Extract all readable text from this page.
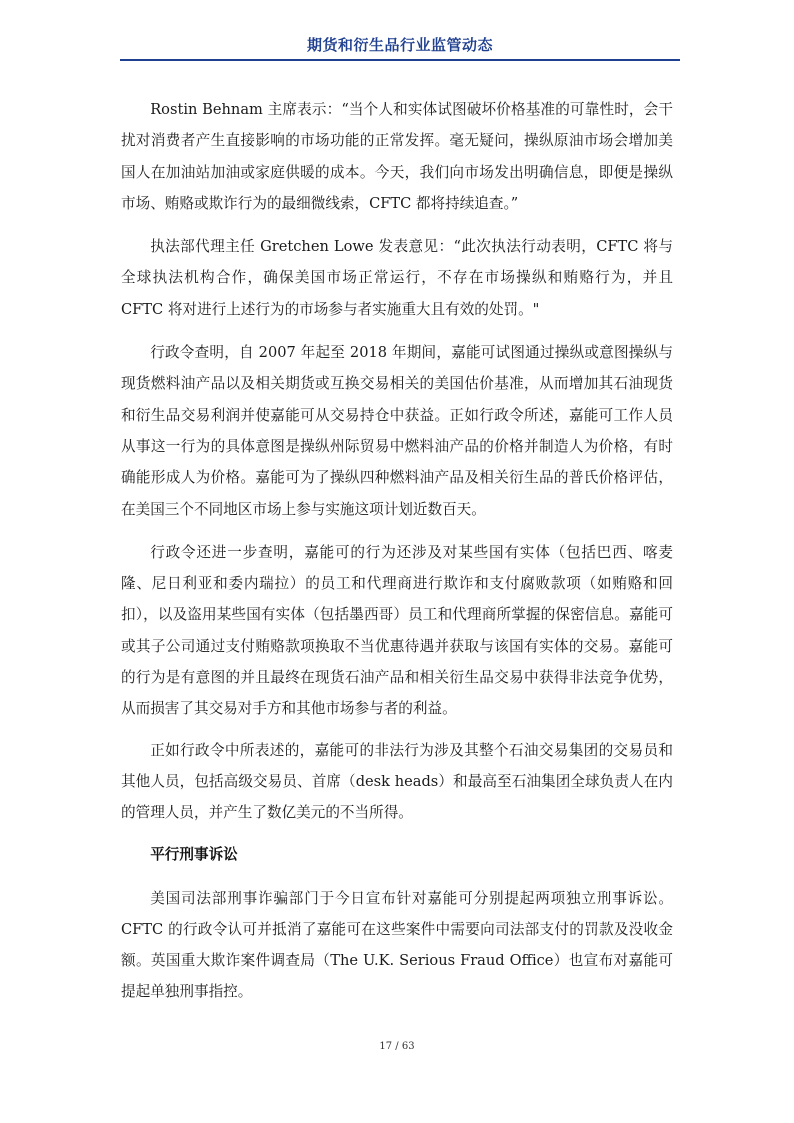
期货和衍生品行业监管动态

Rostin Behnam 主席表示：“当个人和实体试图破坏价格基准的可靠性时，会干扰对消费者产生直接影响的市场功能的正常发挥。毫无疑问，操纵原油市场会增加美国人在加油站加油或家庭供暖的成本。今天，我们向市场发出明确信息，即便是操纵市场、贿赂或欺诈行为的最细微线索，CFTC 都将持续追查。”

执法部代理主任 Gretchen Lowe 发表意见：“此次执法行动表明，CFTC 将与全球执法机构合作，确保美国市场正常运行，不存在市场操纵和贿赂行为，并且 CFTC 将对进行上述行为的市场参与者实施重大且有效的处罚。"

行政令查明，自 2007 年起至 2018 年期间，嘉能可试图通过操纵或意图操纵与现货燃料油产品以及相关期货或互换交易相关的美国估价基准，从而增加其石油现货和衍生品交易利润并使嘉能可从交易持仓中获益。正如行政令所述，嘉能可工作人员从事这一行为的具体意图是操纵州际贸易中燃料油产品的价格并制造人为价格，有时确能形成人为价格。嘉能可为了操纵四种燃料油产品及相关衍生品的普氏价格评估，在美国三个不同地区市场上参与实施这项计划近数百天。

行政令还进一步查明，嘉能可的行为还涉及对某些国有实体（包括巴西、喀麦隆、尼日利亚和委内瑞拉）的员工和代理商进行欺诈和支付腐败款项（如贿赂和回扣），以及盗用某些国有实体（包括墨西哥）员工和代理商所掌握的保密信息。嘉能可或其子公司通过支付贿赂款项换取不当优惠待遇并获取与该国有实体的交易。嘉能可的行为是有意图的并且最终在现货石油产品和相关衍生品交易中获得非法竞争优势，从而损害了其交易对手方和其他市场参与者的利益。

正如行政令中所表述的，嘉能可的非法行为涉及其整个石油交易集团的交易员和其他人员，包括高级交易员、首席（desk heads）和最高至石油集团全球负责人在内的管理人员，并产生了数亿美元的不当所得。

平行刑事诉讼

美国司法部刑事诈骗部门于今日宣布针对嘉能可分别提起两项独立刑事诉讼。CFTC 的行政令认可并抵消了嘉能可在这些案件中需要向司法部支付的罚款及没收金额。英国重大欺诈案件调查局（The U.K. Serious Fraud Office）也宣布对嘉能可提起单独刑事指控。

17 / 63
